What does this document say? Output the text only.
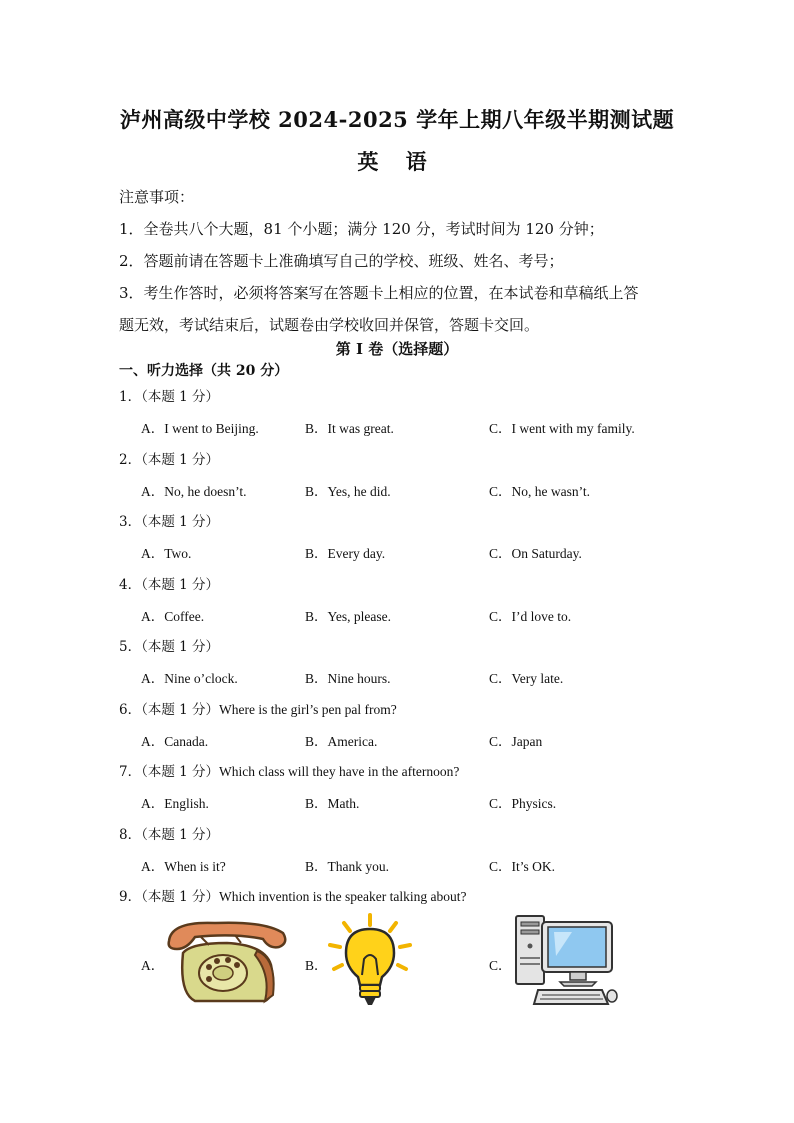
泸州高级中学校 2024-2025 学年上期八年级半期测试题
英 语
注意事项：
1．全卷共八个大题，81 个小题；满分 120 分，考试时间为 120 分钟；
2．答题前请在答题卡上准确填写自己的学校、班级、姓名、考号；
3．考生作答时，必须将答案写在答题卡上相应的位置，在本试卷和草稿纸上答
题无效，考试结束后，试题卷由学校收回并保管，答题卡交回。
第 I 卷（选择题）
一、听力选择（共 20 分）
1．（本题 1 分）
A．I went to Beijing.	B．It was great.	C．I went with my family.
2．（本题 1 分）
A．No, he doesn’t.	B．Yes, he did.	C．No, he wasn’t.
3．（本题 1 分）
A．Two.	B．Every day.	C．On Saturday.
4．（本题 1 分）
A．Coffee.	B．Yes, please.	C．I’d love to.
5．（本题 1 分）
A．Nine o’clock.	B．Nine hours.	C．Very late.
6．（本题 1 分）Where is the girl’s pen pal from?
A．Canada.	B．America.	C．Japan
7．（本题 1 分）Which class will they have in the afternoon?
A．English.	B．Math.	C．Physics.
8．（本题 1 分）
A．When is it?	B．Thank you.	C．It’s OK.
9．（本题 1 分）Which invention is the speaker talking about?
A．	B．	C．
